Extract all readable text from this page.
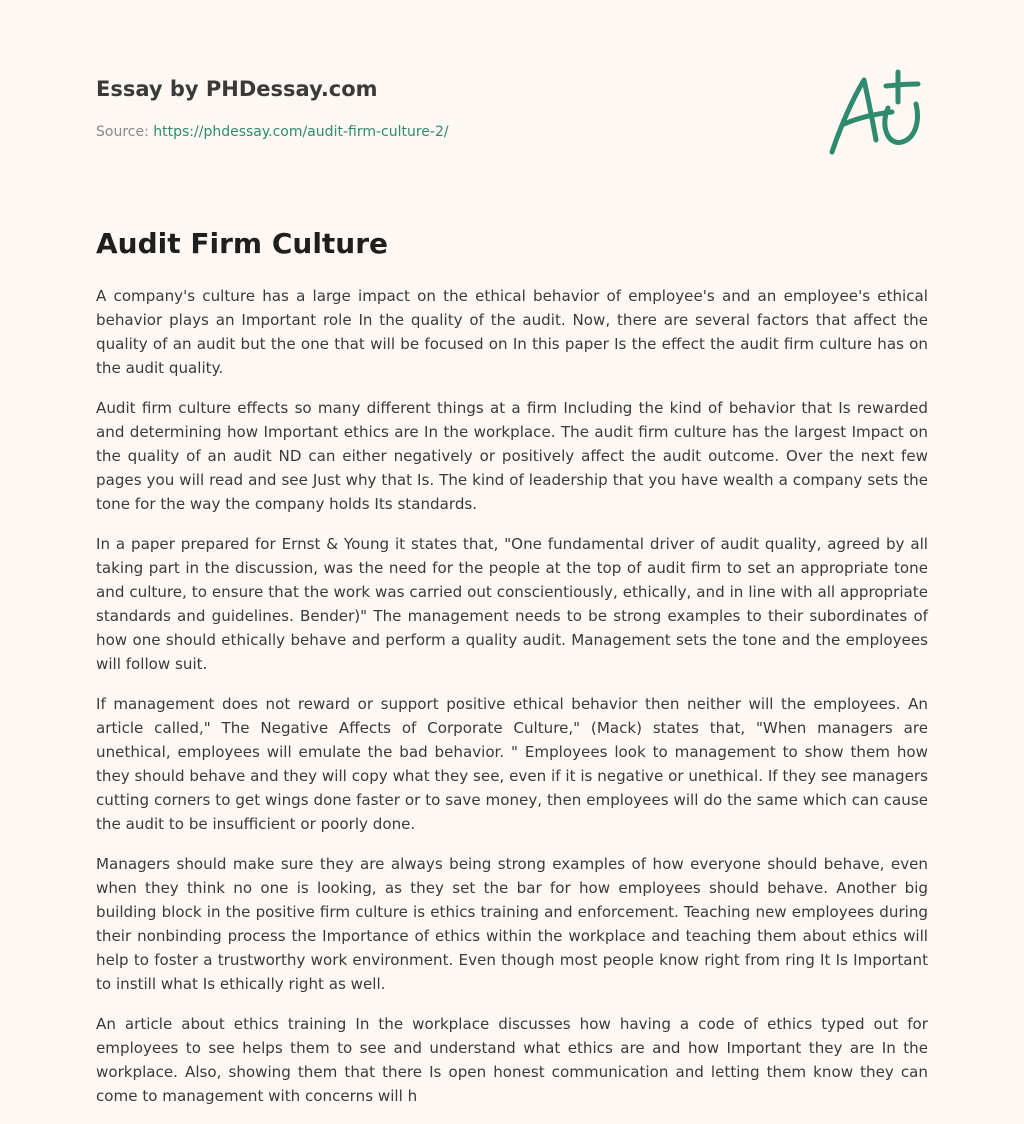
Essay by PHDessay.com
Source: https://phdessay.com/audit-firm-culture-2/
Audit Firm Culture

A company's culture has a large impact on the ethical behavior of employee's and an employee's ethical behavior plays an Important role In the quality of the audit. Now, there are several factors that affect the quality of an audit but the one that will be focused on In this paper Is the effect the audit firm culture has on the audit quality.

Audit firm culture effects so many different things at a firm Including the kind of behavior that Is rewarded and determining how Important ethics are In the workplace. The audit firm culture has the largest Impact on the quality of an audit ND can either negatively or positively affect the audit outcome. Over the next few pages you will read and see Just why that Is. The kind of leadership that you have wealth a company sets the tone for the way the company holds Its standards.

In a paper prepared for Ernst & Young it states that, "One fundamental driver of audit quality, agreed by all taking part in the discussion, was the need for the people at the top of audit firm to set an appropriate tone and culture, to ensure that the work was carried out conscientiously, ethically, and in line with all appropriate standards and guidelines. Bender)" The management needs to be strong examples to their subordinates of how one should ethically behave and perform a quality audit. Management sets the tone and the employees will follow suit.

If management does not reward or support positive ethical behavior then neither will the employees. An article called," The Negative Affects of Corporate Culture," (Mack) states that, "When managers are unethical, employees will emulate the bad behavior. " Employees look to management to show them how they should behave and they will copy what they see, even if it is negative or unethical. If they see managers cutting corners to get wings done faster or to save money, then employees will do the same which can cause the audit to be insufficient or poorly done.

Managers should make sure they are always being strong examples of how everyone should behave, even when they think no one is looking, as they set the bar for how employees should behave. Another big building block in the positive firm culture is ethics training and enforcement. Teaching new employees during their nonbinding process the Importance of ethics within the workplace and teaching them about ethics will help to foster a trustworthy work environment. Even though most people know right from ring It Is Important to instill what Is ethically right as well.

An article about ethics training In the workplace discusses how having a code of ethics typed out for employees to see helps them to see and understand what ethics are and how Important they are In the workplace. Also, showing them that there Is open honest communication and letting them know they can come to management with concerns will h
